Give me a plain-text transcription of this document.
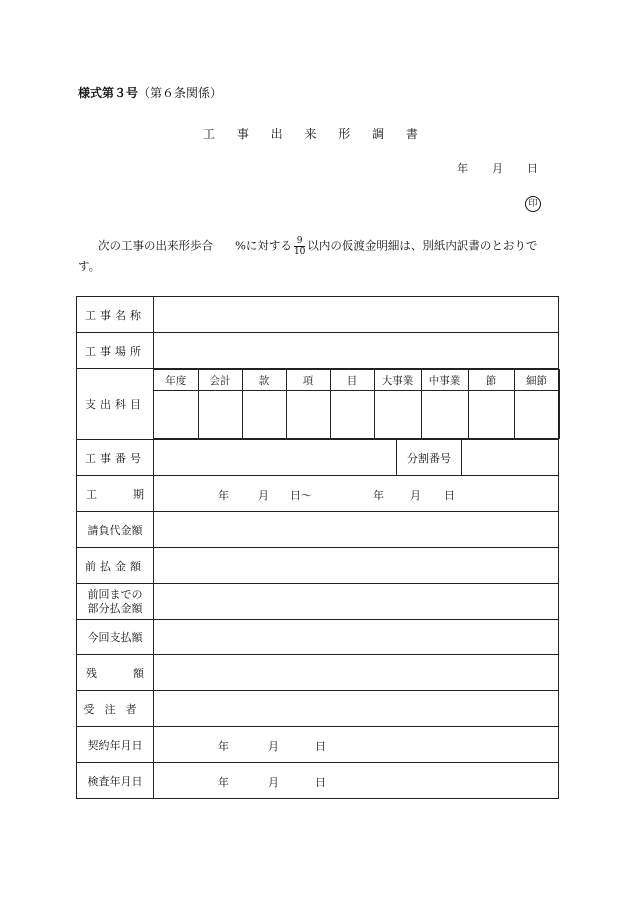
様式第３号（第６条関係）
工 事 出 来 形 調 書
年 月 日
印
次の工事の出来形歩合 %に対する $\frac{9}{10}$ 以内の仮渡金明細は、別紙内訳書のとおりで
す。
工事名称	
工事場所	
支出科目	
年度	会計	款	項	目	大事業	中事業	節	細節

工事番号		分割番号	
工	期	年	月 日～	年 月 日

請負代金額	
前払金額	

前回までの
部分払金額

今回支払額	
残	額	
受注者	
契約年月日	年	月	日

検査年月日	年	月	日
